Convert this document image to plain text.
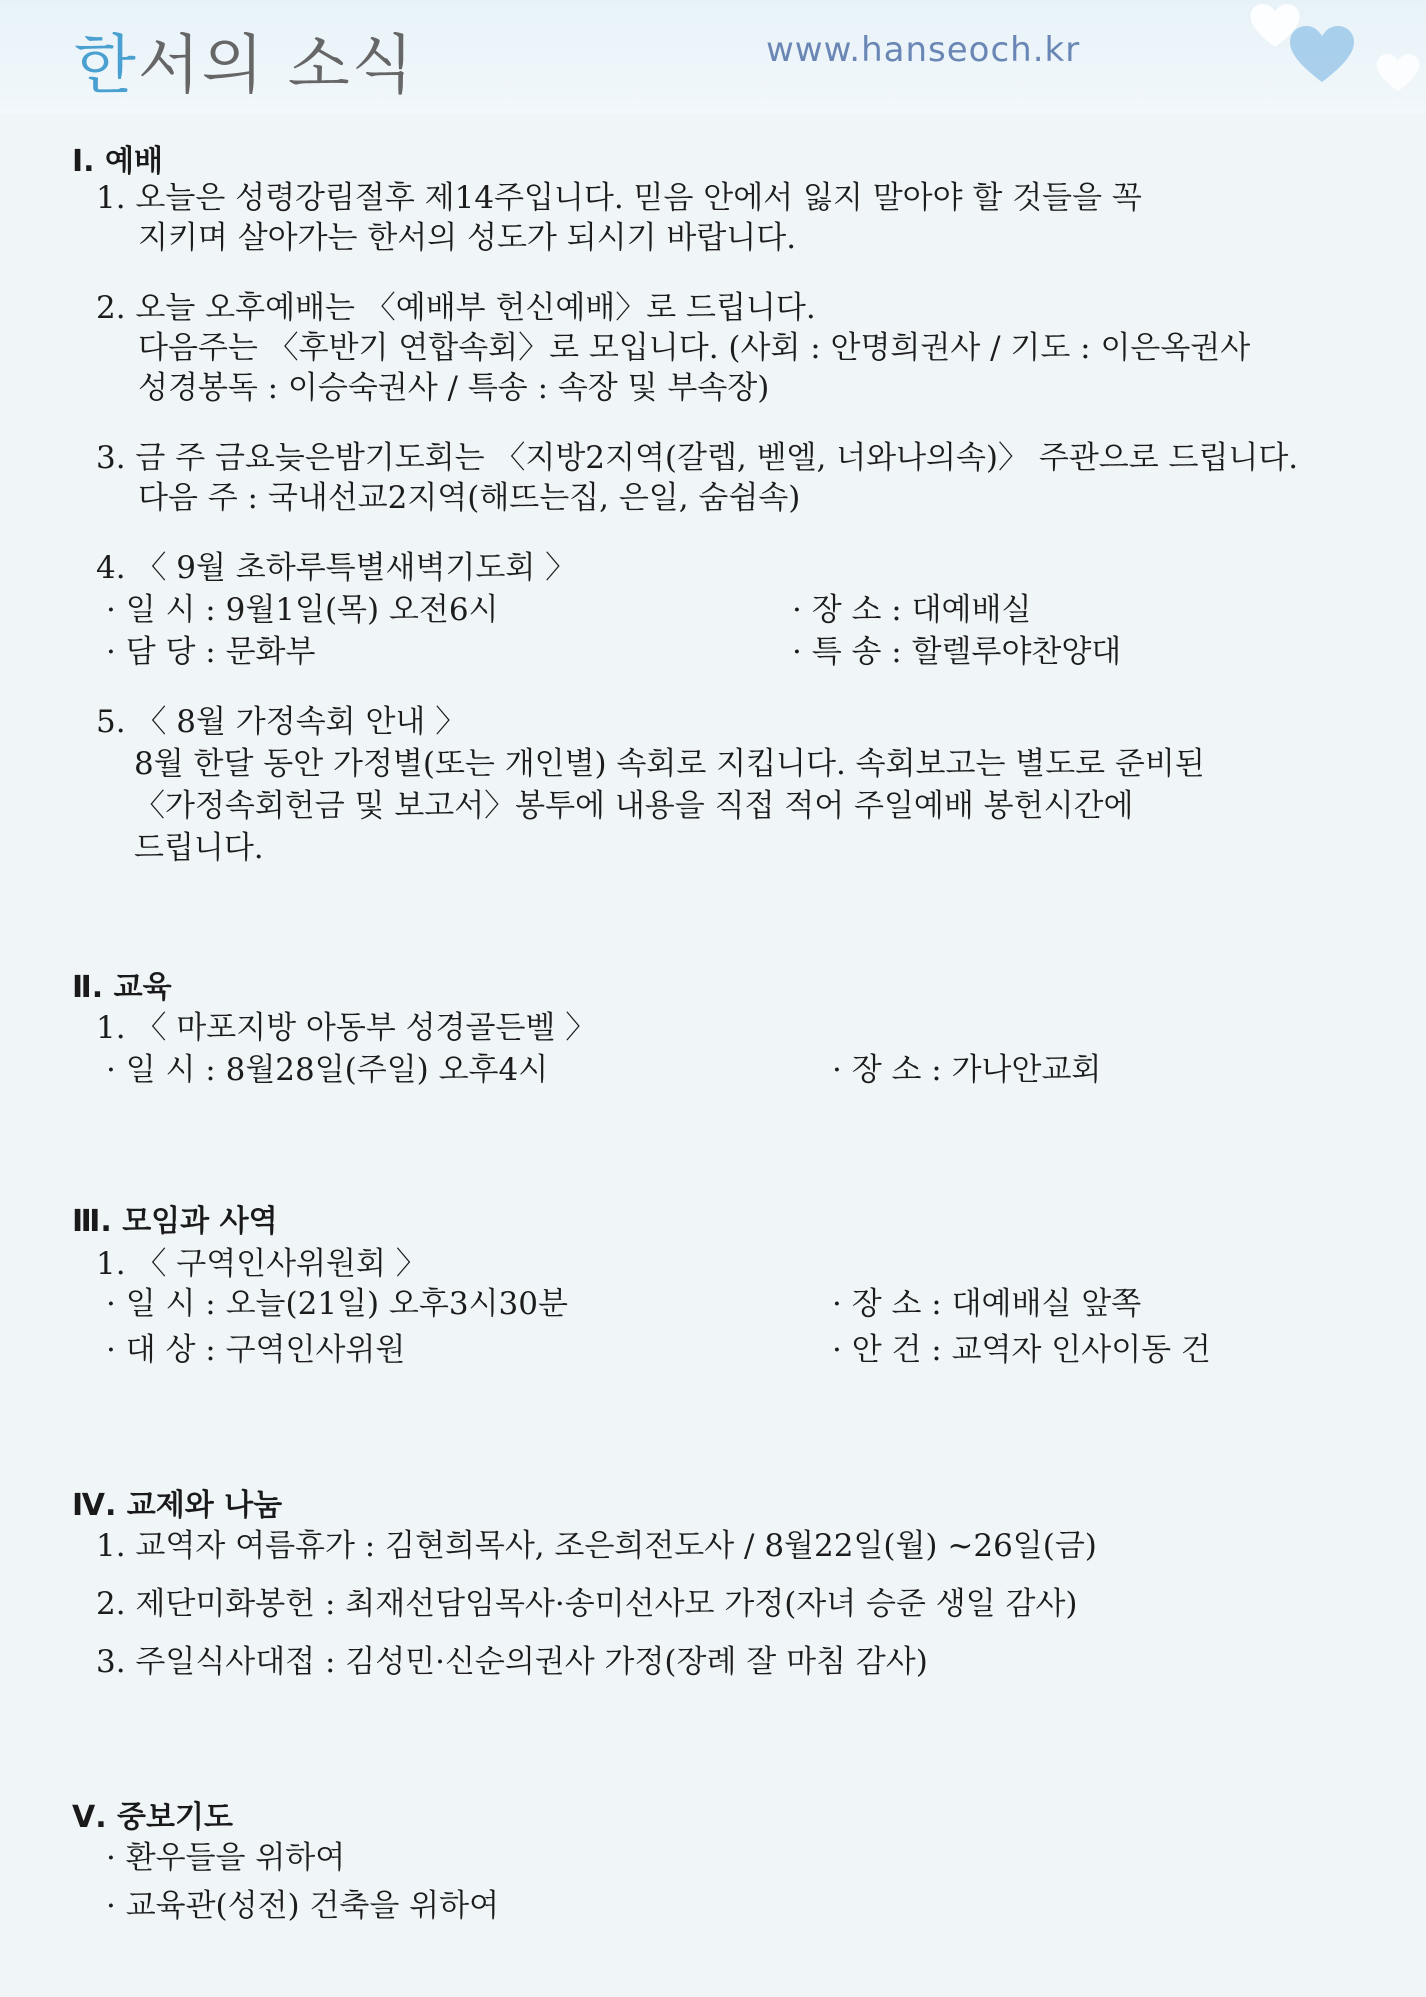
한서의 소식	www.hanseoch.kr
Ⅰ. 예배
1. 오늘은 성령강림절후 제14주입니다. 믿음 안에서 잃지 말아야 할 것들을 꼭
지키며 살아가는 한서의 성도가 되시기 바랍니다.
2. 오늘 오후예배는 〈예배부 헌신예배〉로 드립니다.
다음주는 〈후반기 연합속회〉로 모입니다. (사회 : 안명희권사 / 기도 : 이은옥권사
성경봉독 : 이승숙권사 / 특송 : 속장 및 부속장)
3. 금 주 금요늦은밤기도회는 〈지방2지역(갈렙, 벧엘, 너와나의속)〉 주관으로 드립니다.
다음 주 : 국내선교2지역(해뜨는집, 은일, 숨쉼속)
4. 〈 9월 초하루특별새벽기도회 〉
· 일 시 : 9월1일(목) 오전6시	· 장 소 : 대예배실
· 담 당 : 문화부	· 특 송 : 할렐루야찬양대
5. 〈 8월 가정속회 안내 〉
8월 한달 동안 가정별(또는 개인별) 속회로 지킵니다. 속회보고는 별도로 준비된
〈가정속회헌금 및 보고서〉봉투에 내용을 직접 적어 주일예배 봉헌시간에
드립니다.
Ⅱ. 교육
1. 〈 마포지방 아동부 성경골든벨 〉
· 일 시 : 8월28일(주일) 오후4시	· 장 소 : 가나안교회
Ⅲ. 모임과 사역
1. 〈 구역인사위원회 〉
· 일 시 : 오늘(21일) 오후3시30분	· 장 소 : 대예배실 앞쪽
· 대 상 : 구역인사위원	· 안 건 : 교역자 인사이동 건
Ⅳ. 교제와 나눔
1. 교역자 여름휴가 : 김현희목사, 조은희전도사 / 8월22일(월) ~26일(금)
2. 제단미화봉헌 : 최재선담임목사·송미선사모 가정(자녀 승준 생일 감사)
3. 주일식사대접 : 김성민·신순의권사 가정(장례 잘 마침 감사)
Ⅴ. 중보기도
· 환우들을 위하여
· 교육관(성전) 건축을 위하여
